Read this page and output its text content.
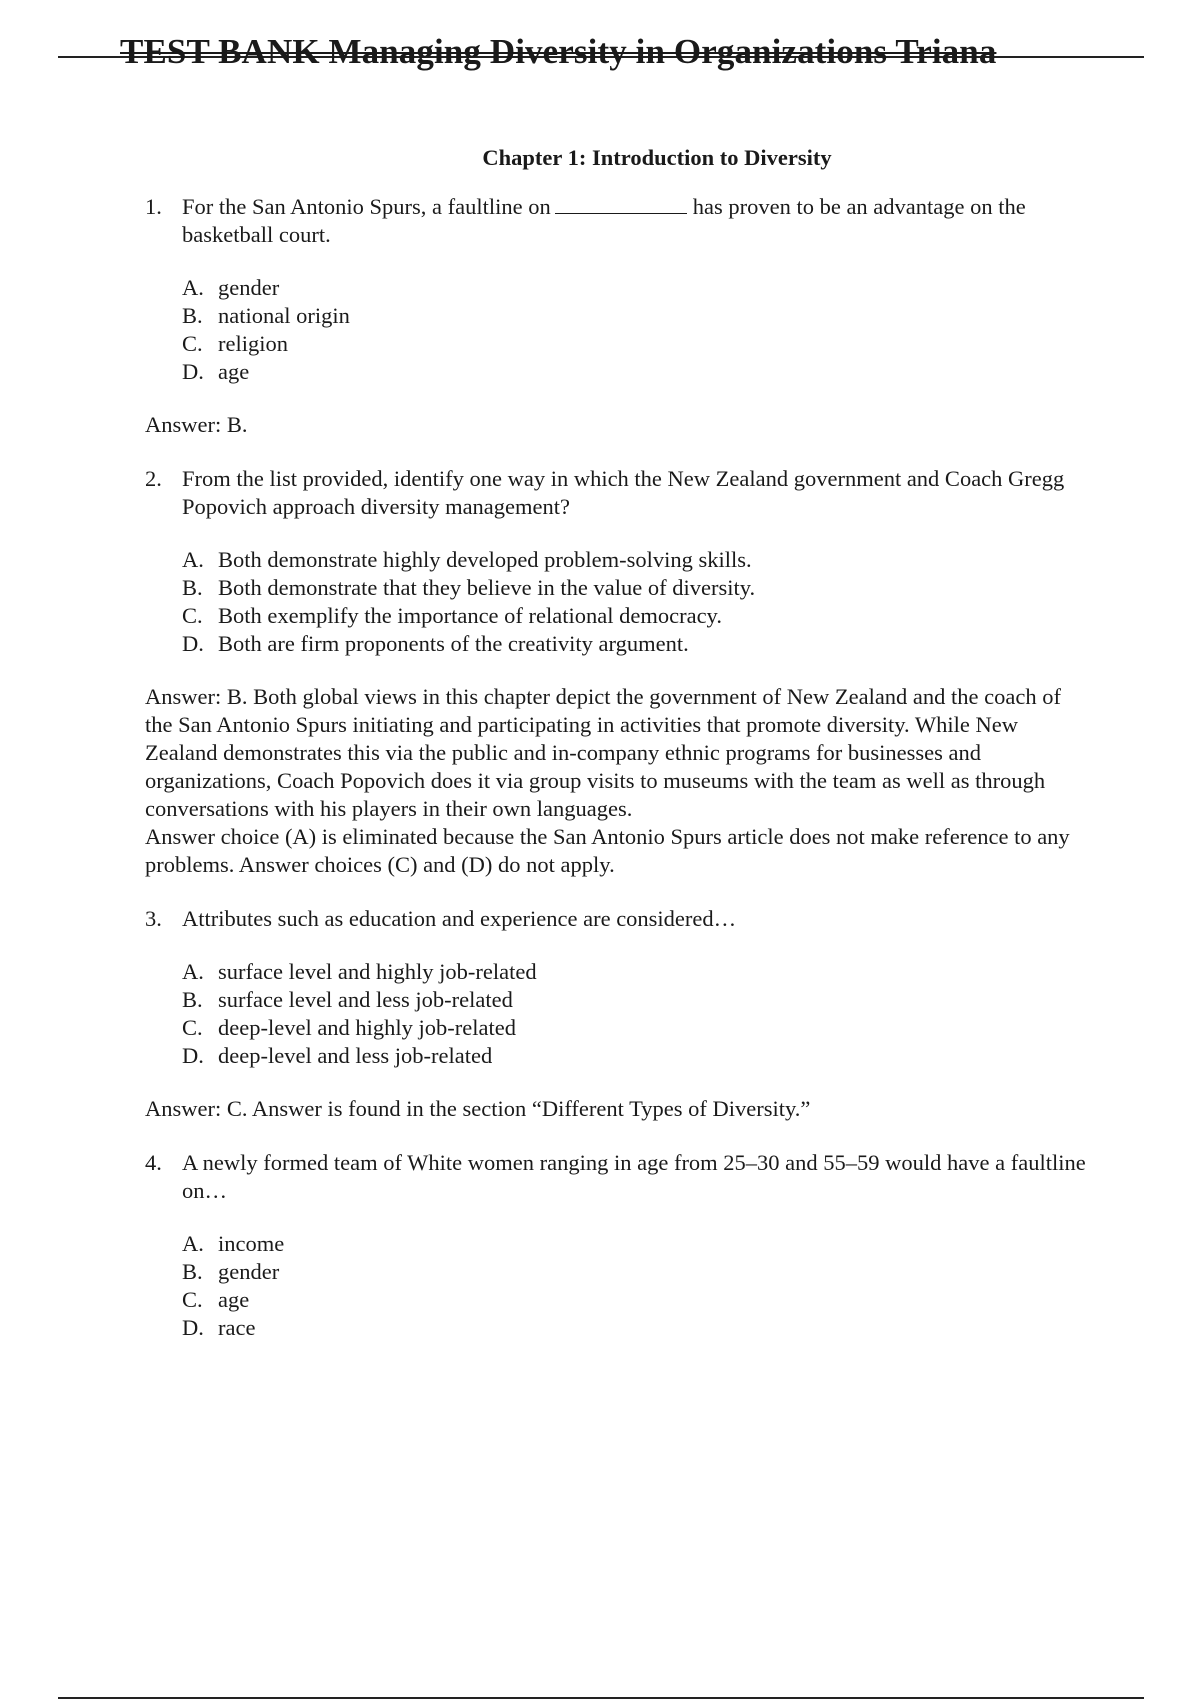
TEST BANK Managing Diversity in Organizations Triana
Chapter 1: Introduction to Diversity
1. For the San Antonio Spurs, a faultline on	has proven to be an advantage on the basketball court.
A. gender
B. national origin
C. religion
D. age

Answer: B.

2. From the list provided, identify one way in which the New Zealand government and Coach Gregg Popovich approach diversity management?
A. Both demonstrate highly developed problem-solving skills.
B. Both demonstrate that they believe in the value of diversity.
C. Both exemplify the importance of relational democracy.
D. Both are firm proponents of the creativity argument.

Answer: B. Both global views in this chapter depict the government of New Zealand and the coach of the San Antonio Spurs initiating and participating in activities that promote diversity. While New Zealand demonstrates this via the public and in-company ethnic programs for businesses and organizations, Coach Popovich does it via group visits to museums with the team as well as through conversations with his players in their own languages.

Answer choice (A) is eliminated because the San Antonio Spurs article does not make reference to any problems. Answer choices (C) and (D) do not apply.

3. Attributes such as education and experience are considered…
A. surface level and highly job-related
B. surface level and less job-related
C. deep-level and highly job-related
D. deep-level and less job-related

Answer: C. Answer is found in the section “Different Types of Diversity.”

4. A newly formed team of White women ranging in age from 25–30 and 55–59 would have a faultline on…
A. income
B. gender
C. age
D. race
